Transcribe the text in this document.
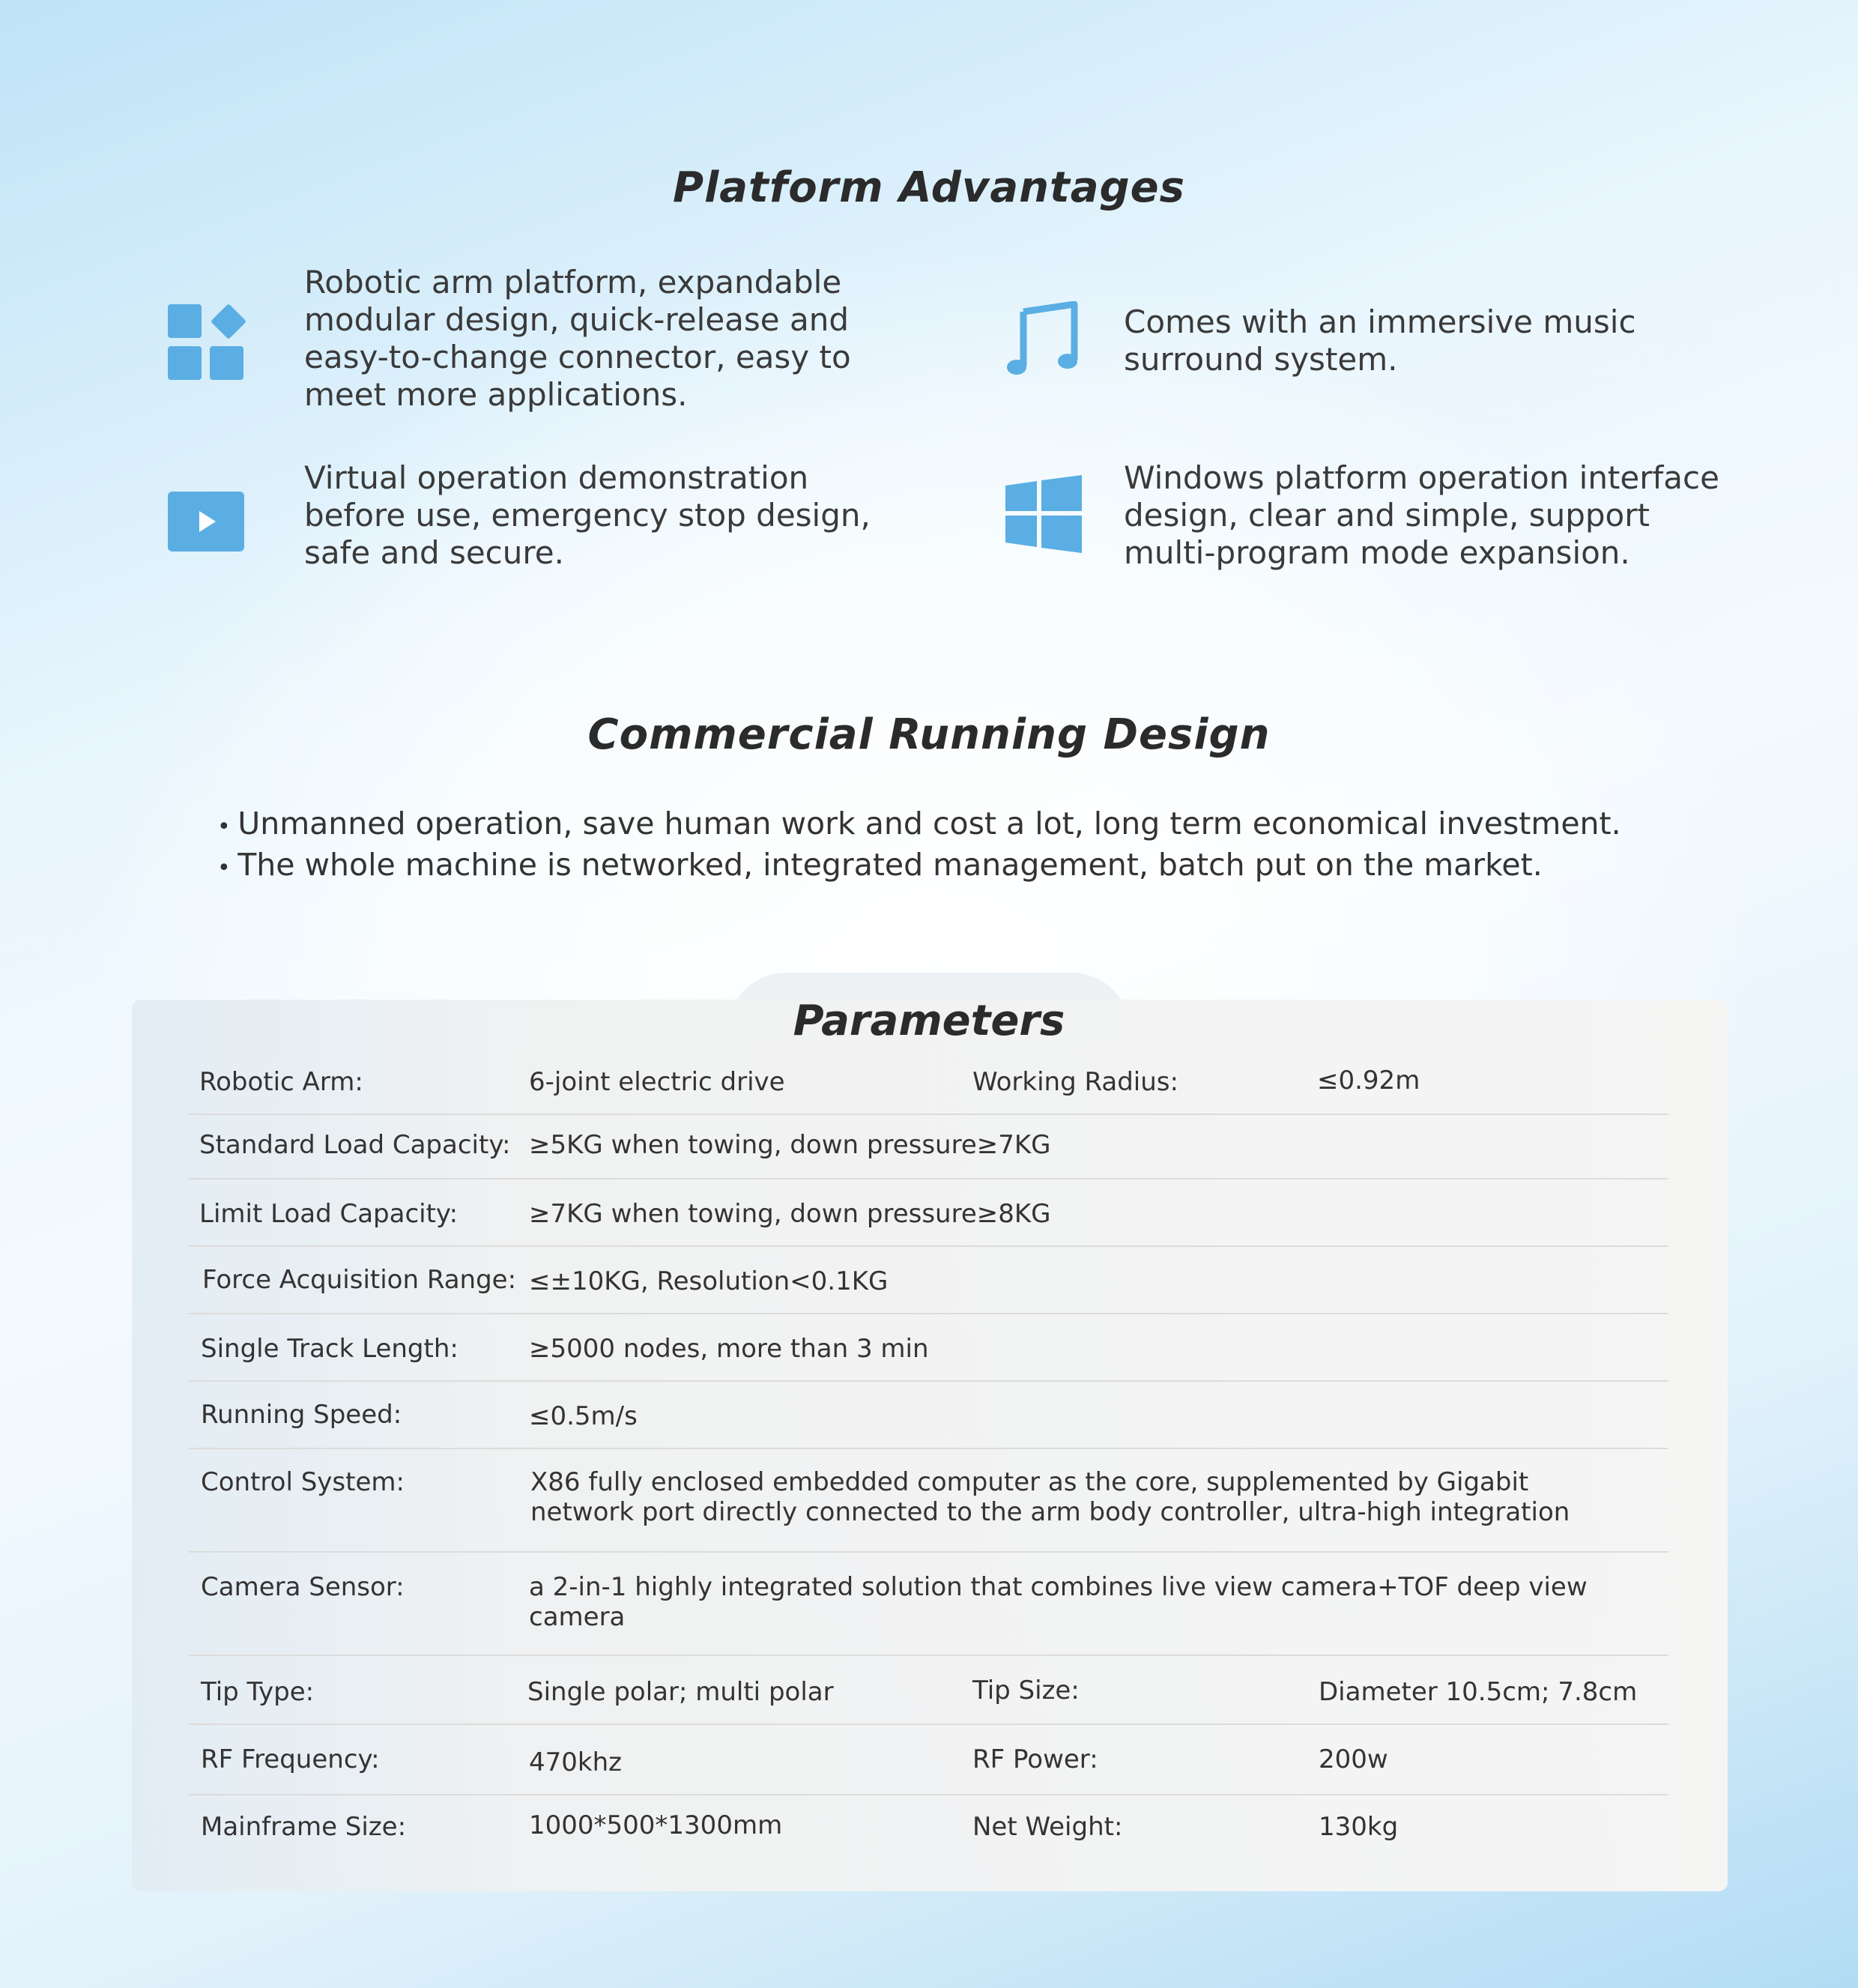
Platform Advantages
Robotic arm platform, expandable
modular design, quick-release and
easy-to-change connector, easy to
meet more applications.
Comes with an immersive music
surround system.
Virtual operation demonstration
before use, emergency stop design,
safe and secure.
Windows platform operation interface
design, clear and simple, support
multi-program mode expansion.
Commercial Running Design
• Unmanned operation, save human work and cost a lot, long term economical investment.
• The whole machine is networked, integrated management, batch put on the market.
Parameters
Robotic Arm:	6-joint electric drive	Working Radius:	≤0.92m
Standard Load Capacity: ≥5KG when towing, down pressure≥7KG
Limit Load Capacity:	≥7KG when towing, down pressure≥8KG
Force Acquisition Range: ≤±10KG, Resolution<0.1KG
Single Track Length:	≥5000 nodes, more than 3 min
Running Speed:	≤0.5m/s
Control System:	X86 fully enclosed embedded computer as the core, supplemented by Gigabit network port directly connected to the arm body controller, ultra-high integration
Camera Sensor:	a 2-in-1 highly integrated solution that combines live view camera+TOF deep view camera
Tip Type:	Single polar; multi polar	Tip Size:	Diameter 10.5cm; 7.8cm
RF Frequency:	470khz	RF Power:	200w
Mainframe Size:	1000*500*1300mm	Net Weight:	130kg
